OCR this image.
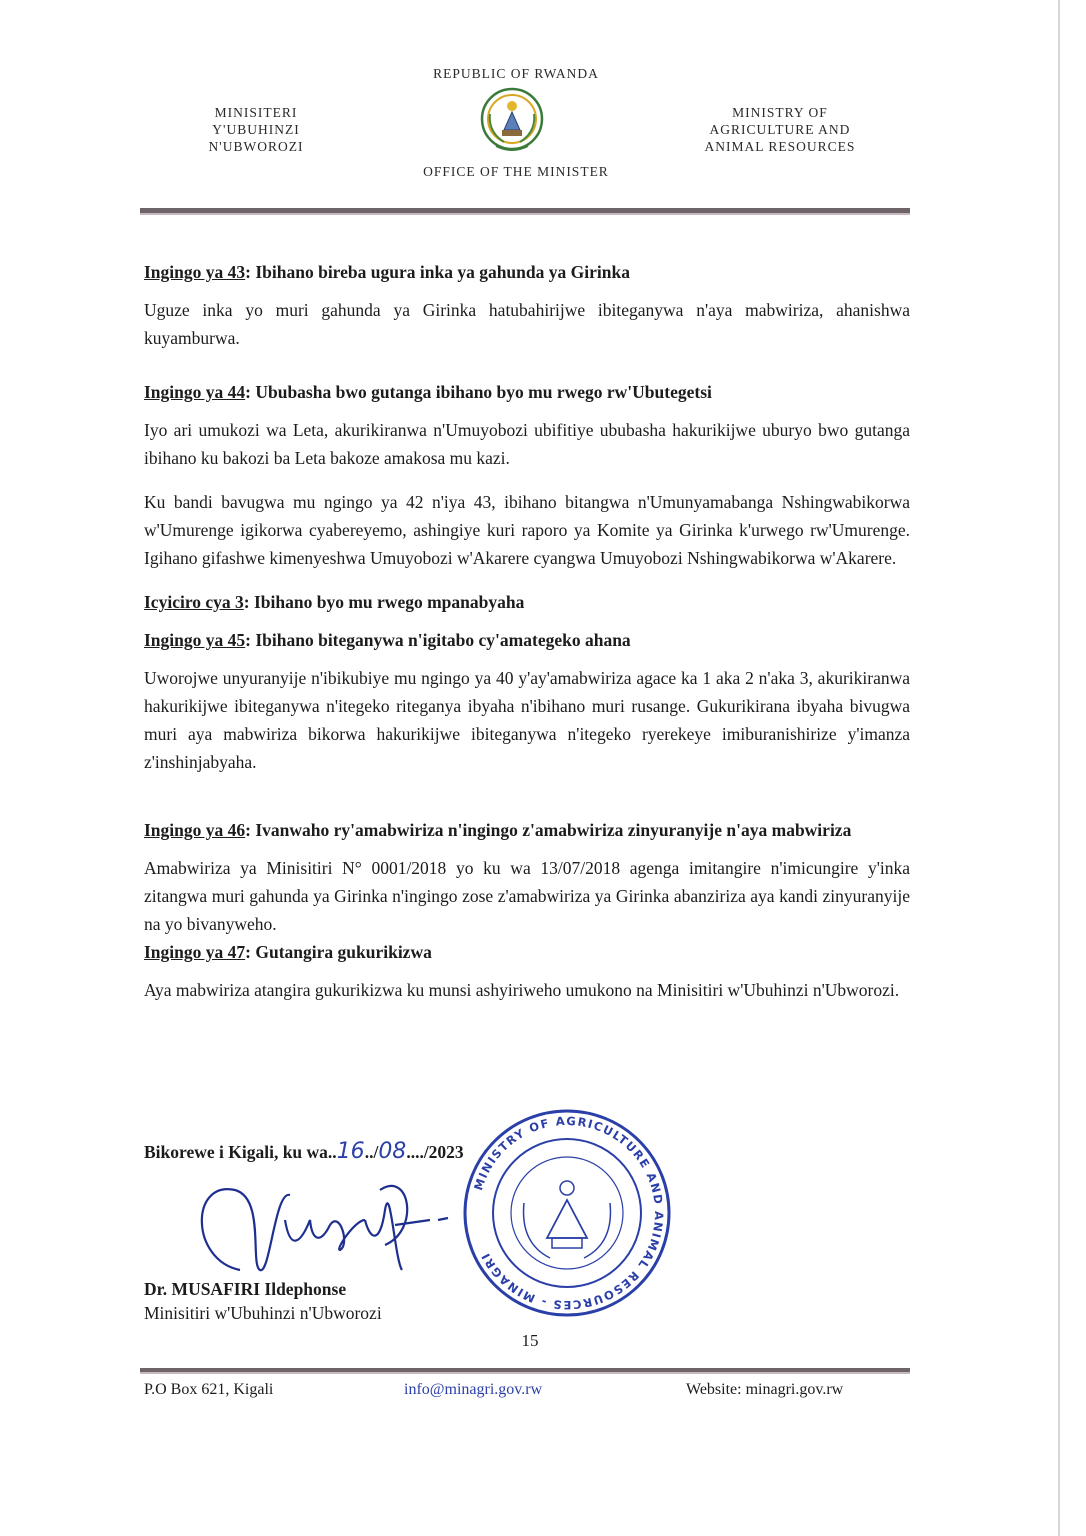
REPUBLIC OF RWANDA
MINISITERI
Y'UBUHINZI
N'UBWOROZI
MINISTRY OF
AGRICULTURE AND
ANIMAL RESOURCES
OFFICE OF THE MINISTER

Ingingo ya 43: Ibihano bireba ugura inka ya gahunda ya Girinka

Uguze inka yo muri gahunda ya Girinka hatubahirijwe ibiteganywa n'aya mabwiriza, ahanishwa kuyamburwa.

Ingingo ya 44: Ububasha bwo gutanga ibihano byo mu rwego rw'Ubutegetsi

Iyo ari umukozi wa Leta, akurikiranwa n'Umuyobozi ubifitiye ububasha hakurikijwe uburyo bwo gutanga ibihano ku bakozi ba Leta bakoze amakosa mu kazi.

Ku bandi bavugwa mu ngingo ya 42 n'iya 43, ibihano bitangwa n'Umunyamabanga Nshingwabikorwa w'Umurenge igikorwa cyabereyemo, ashingiye kuri raporo ya Komite ya Girinka k'urwego rw'Umurenge. Igihano gifashwe kimenyeshwa Umuyobozi w'Akarere cyangwa Umuyobozi Nshingwabikorwa w'Akarere.

Icyiciro cya 3: Ibihano byo mu rwego mpanabyaha

Ingingo ya 45: Ibihano biteganywa n'igitabo cy'amategeko ahana

Uworojwe unyuranyije n'ibikubiye mu ngingo ya 40 y'ay'amabwiriza agace ka 1 aka 2 n'aka 3, akurikiranwa hakurikijwe ibiteganywa n'itegeko riteganya ibyaha n'ibihano muri rusange. Gukurikirana ibyaha bivugwa muri aya mabwiriza bikorwa hakurikijwe ibiteganywa n'itegeko ryerekeye imiburanishirize y'imanza z'inshinjabyaha.

Ingingo ya 46: Ivanwaho ry'amabwiriza n'ingingo z'amabwiriza zinyuranyije n'aya mabwiriza

Amabwiriza ya Minisitiri N° 0001/2018 yo ku wa 13/07/2018 agenga imitangire n'imicungire y'inka zitangwa muri gahunda ya Girinka n'ingingo zose z'amabwiriza ya Girinka abanziriza aya kandi zinyuranyije na yo bivanyweho.

Ingingo ya 47: Gutangira gukurikizwa

Aya mabwiriza atangira gukurikizwa ku munsi ashyiriweho umukono na Minisitiri w'Ubuhinzi n'Ubworozi.

Bikorewe i Kigali, ku wa..16../08..../2023
MINISTRY OF AGRICULTURE AND ANIMAL RESOURCES - MINAGRI
Dr. MUSAFIRI Ildephonse
Minisitiri w'Ubuhinzi n'Ubworozi
15
P.O Box 621, Kigali	info@minagri.gov.rw	Website: minagri.gov.rw
